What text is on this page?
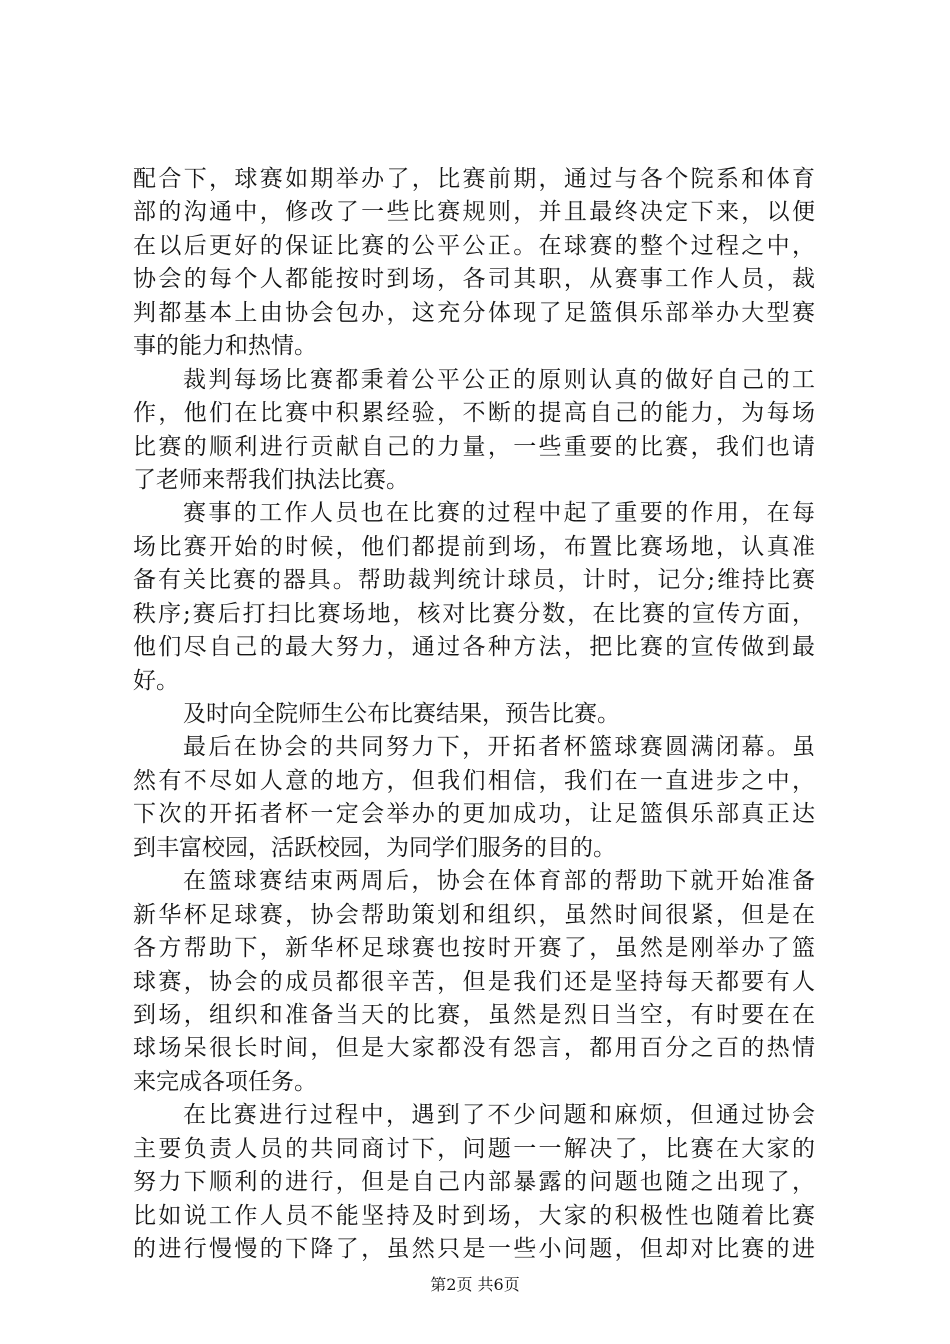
配合下，球赛如期举办了，比赛前期，通过与各个院系和体育
部的沟通中，修改了一些比赛规则，并且最终决定下来，以便
在以后更好的保证比赛的公平公正。在球赛的整个过程之中，
协会的每个人都能按时到场，各司其职，从赛事工作人员，裁
判都基本上由协会包办，这充分体现了足篮俱乐部举办大型赛
事的能力和热情。
裁判每场比赛都秉着公平公正的原则认真的做好自己的工
作，他们在比赛中积累经验，不断的提高自己的能力，为每场
比赛的顺利进行贡献自己的力量，一些重要的比赛，我们也请
了老师来帮我们执法比赛。
赛事的工作人员也在比赛的过程中起了重要的作用，在每
场比赛开始的时候，他们都提前到场，布置比赛场地，认真准
备有关比赛的器具。帮助裁判统计球员，计时，记分;维持比赛
秩序;赛后打扫比赛场地，核对比赛分数，在比赛的宣传方面，
他们尽自己的最大努力，通过各种方法，把比赛的宣传做到最
好。
及时向全院师生公布比赛结果，预告比赛。
最后在协会的共同努力下，开拓者杯篮球赛圆满闭幕。虽
然有不尽如人意的地方，但我们相信，我们在一直进步之中，
下次的开拓者杯一定会举办的更加成功，让足篮俱乐部真正达
到丰富校园，活跃校园，为同学们服务的目的。
在篮球赛结束两周后，协会在体育部的帮助下就开始准备
新华杯足球赛，协会帮助策划和组织，虽然时间很紧，但是在
各方帮助下，新华杯足球赛也按时开赛了，虽然是刚举办了篮
球赛，协会的成员都很辛苦，但是我们还是坚持每天都要有人
到场，组织和准备当天的比赛，虽然是烈日当空，有时要在在
球场呆很长时间，但是大家都没有怨言，都用百分之百的热情
来完成各项任务。
在比赛进行过程中，遇到了不少问题和麻烦，但通过协会
主要负责人员的共同商讨下，问题一一解决了，比赛在大家的
努力下顺利的进行，但是自己内部暴露的问题也随之出现了，
比如说工作人员不能坚持及时到场，大家的积极性也随着比赛
的进行慢慢的下降了，虽然只是一些小问题，但却对比赛的进
第2页 共6页
